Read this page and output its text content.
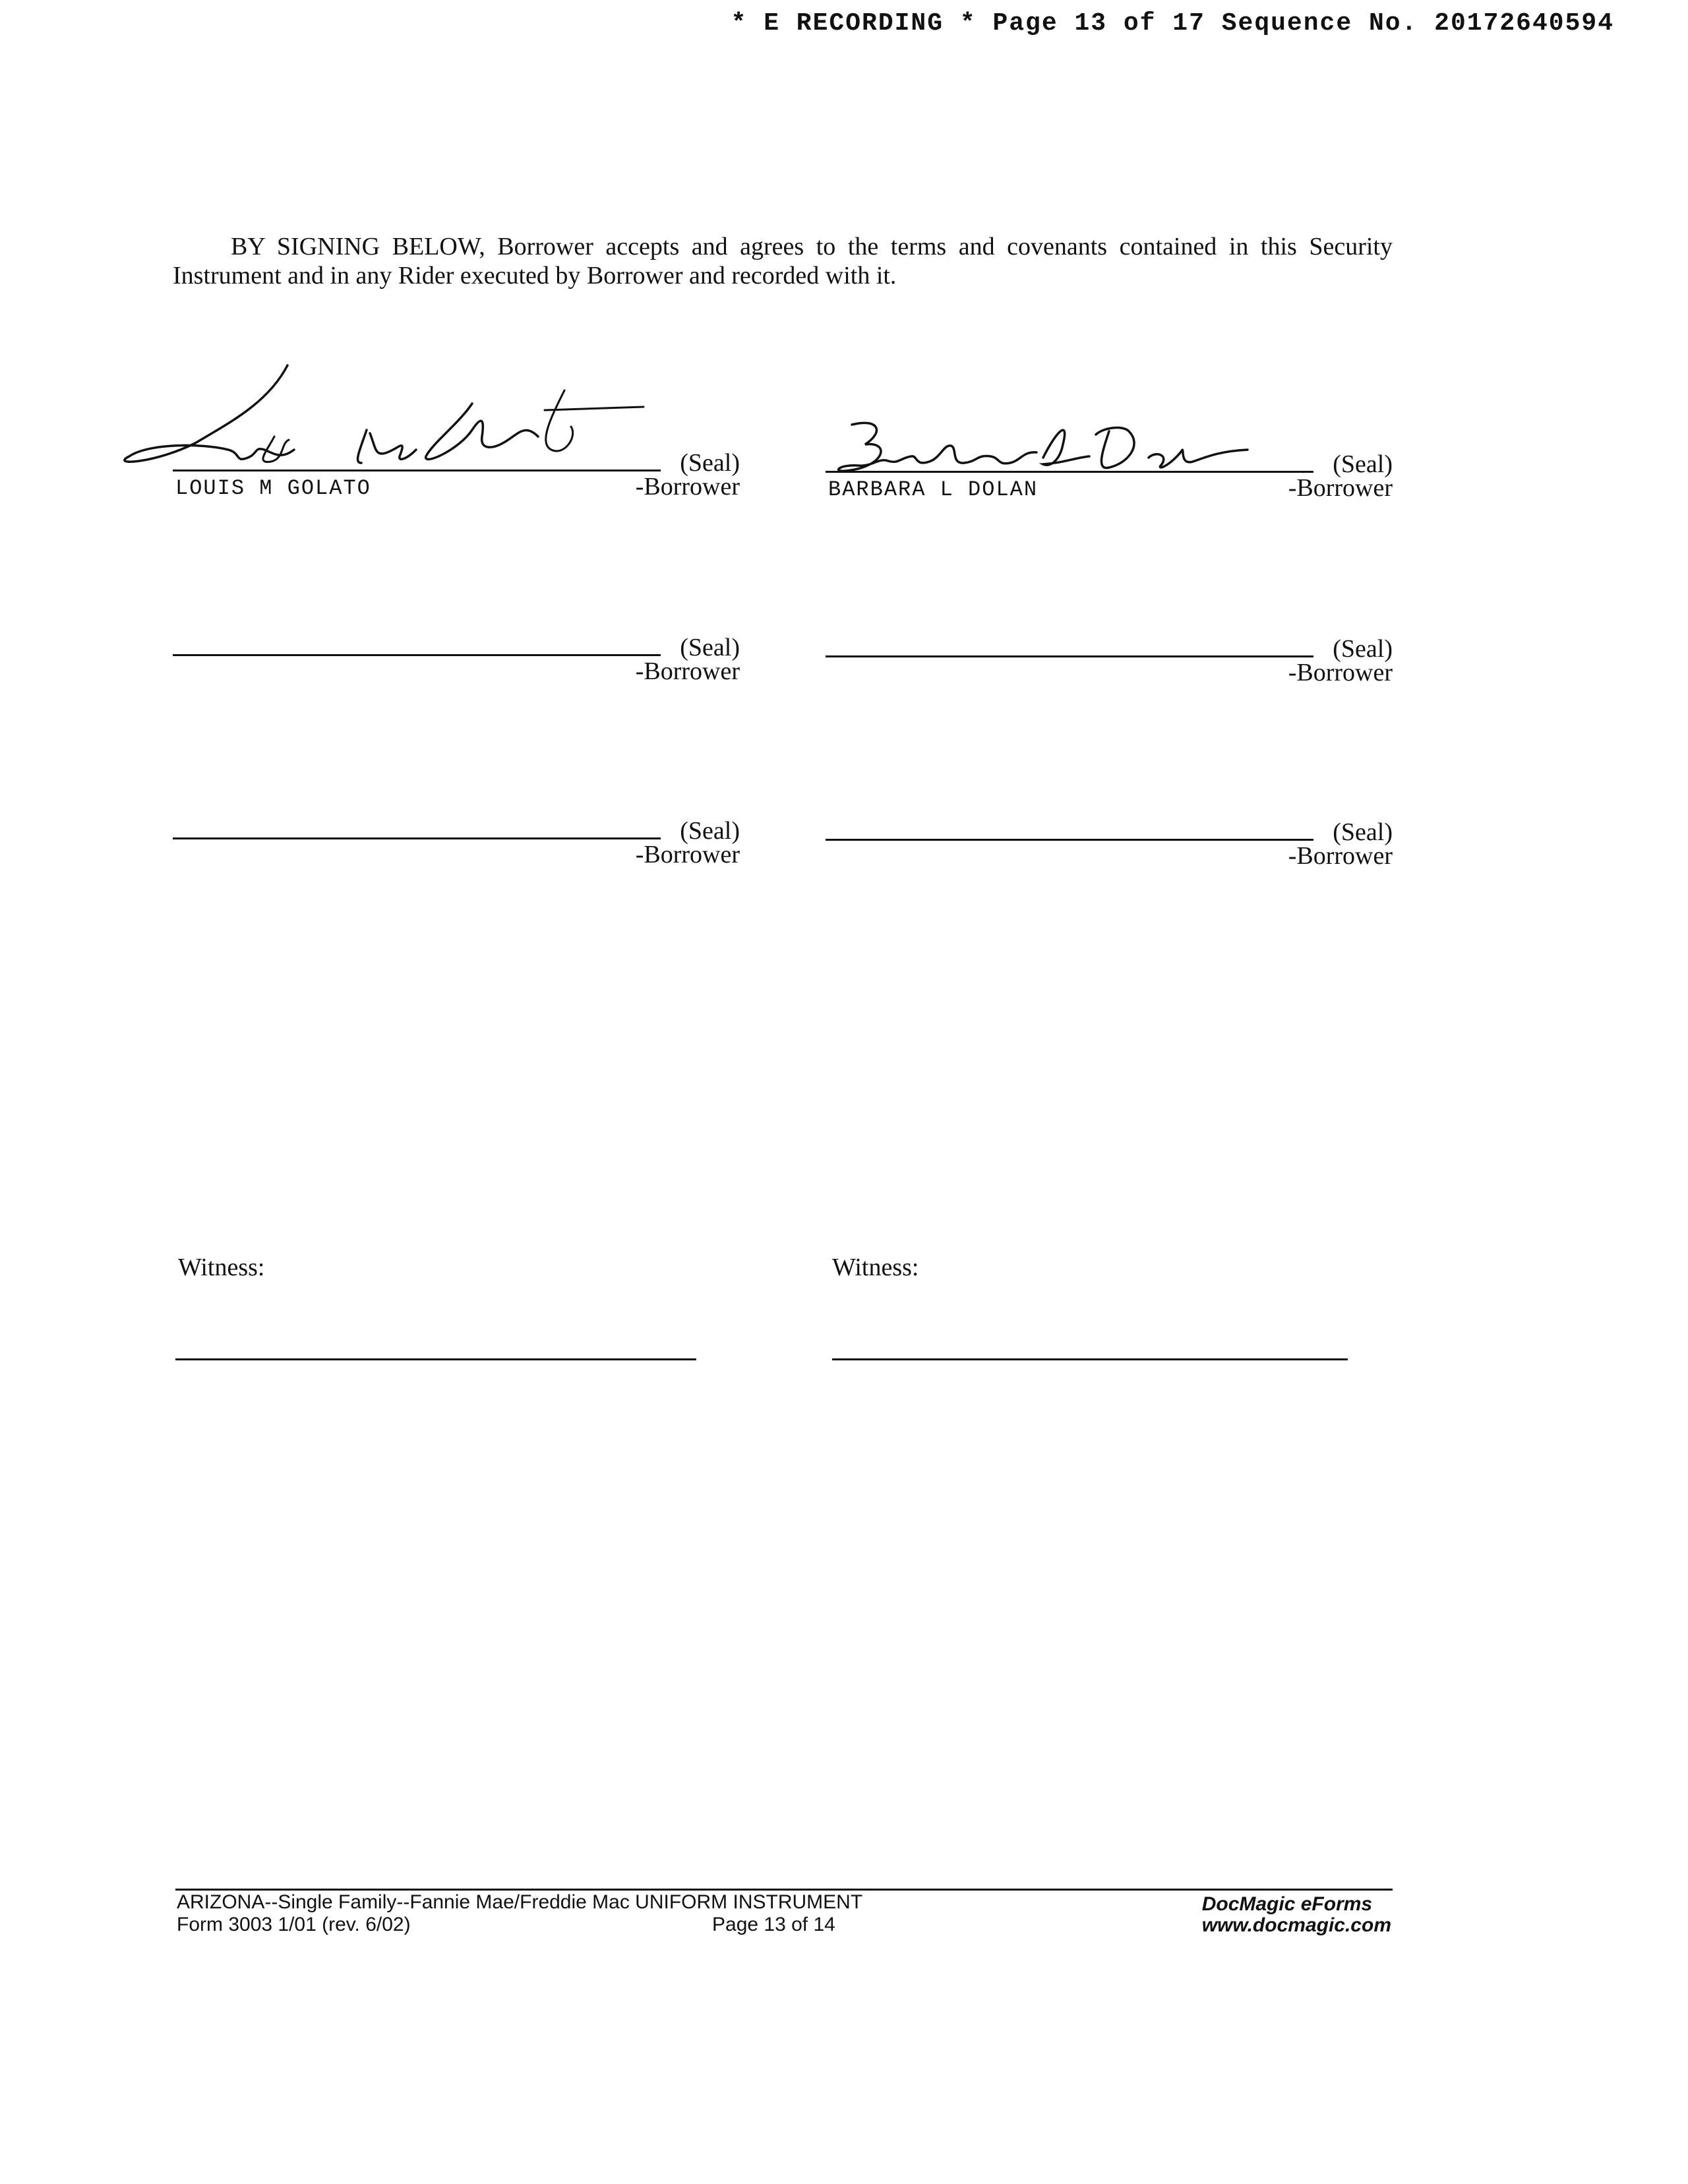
* E RECORDING * Page 13 of 17 Sequence No. 20172640594
BY SIGNING BELOW, Borrower accepts and agrees to the terms and covenants contained in this Security Instrument and in any Rider executed by Borrower and recorded with it.
(Seal)
-Borrower
LOUIS M GOLATO
(Seal)
-Borrower
BARBARA L DOLAN
(Seal)
-Borrower
(Seal)
-Borrower
(Seal)
-Borrower
(Seal)
-Borrower
Witness:	Witness:
ARIZONA--Single Family--Fannie Mae/Freddie Mac UNIFORM INSTRUMENT
Form 3003 1/01 (rev. 6/02)	Page 13 of 14
DocMagic eForms
www.docmagic.com
